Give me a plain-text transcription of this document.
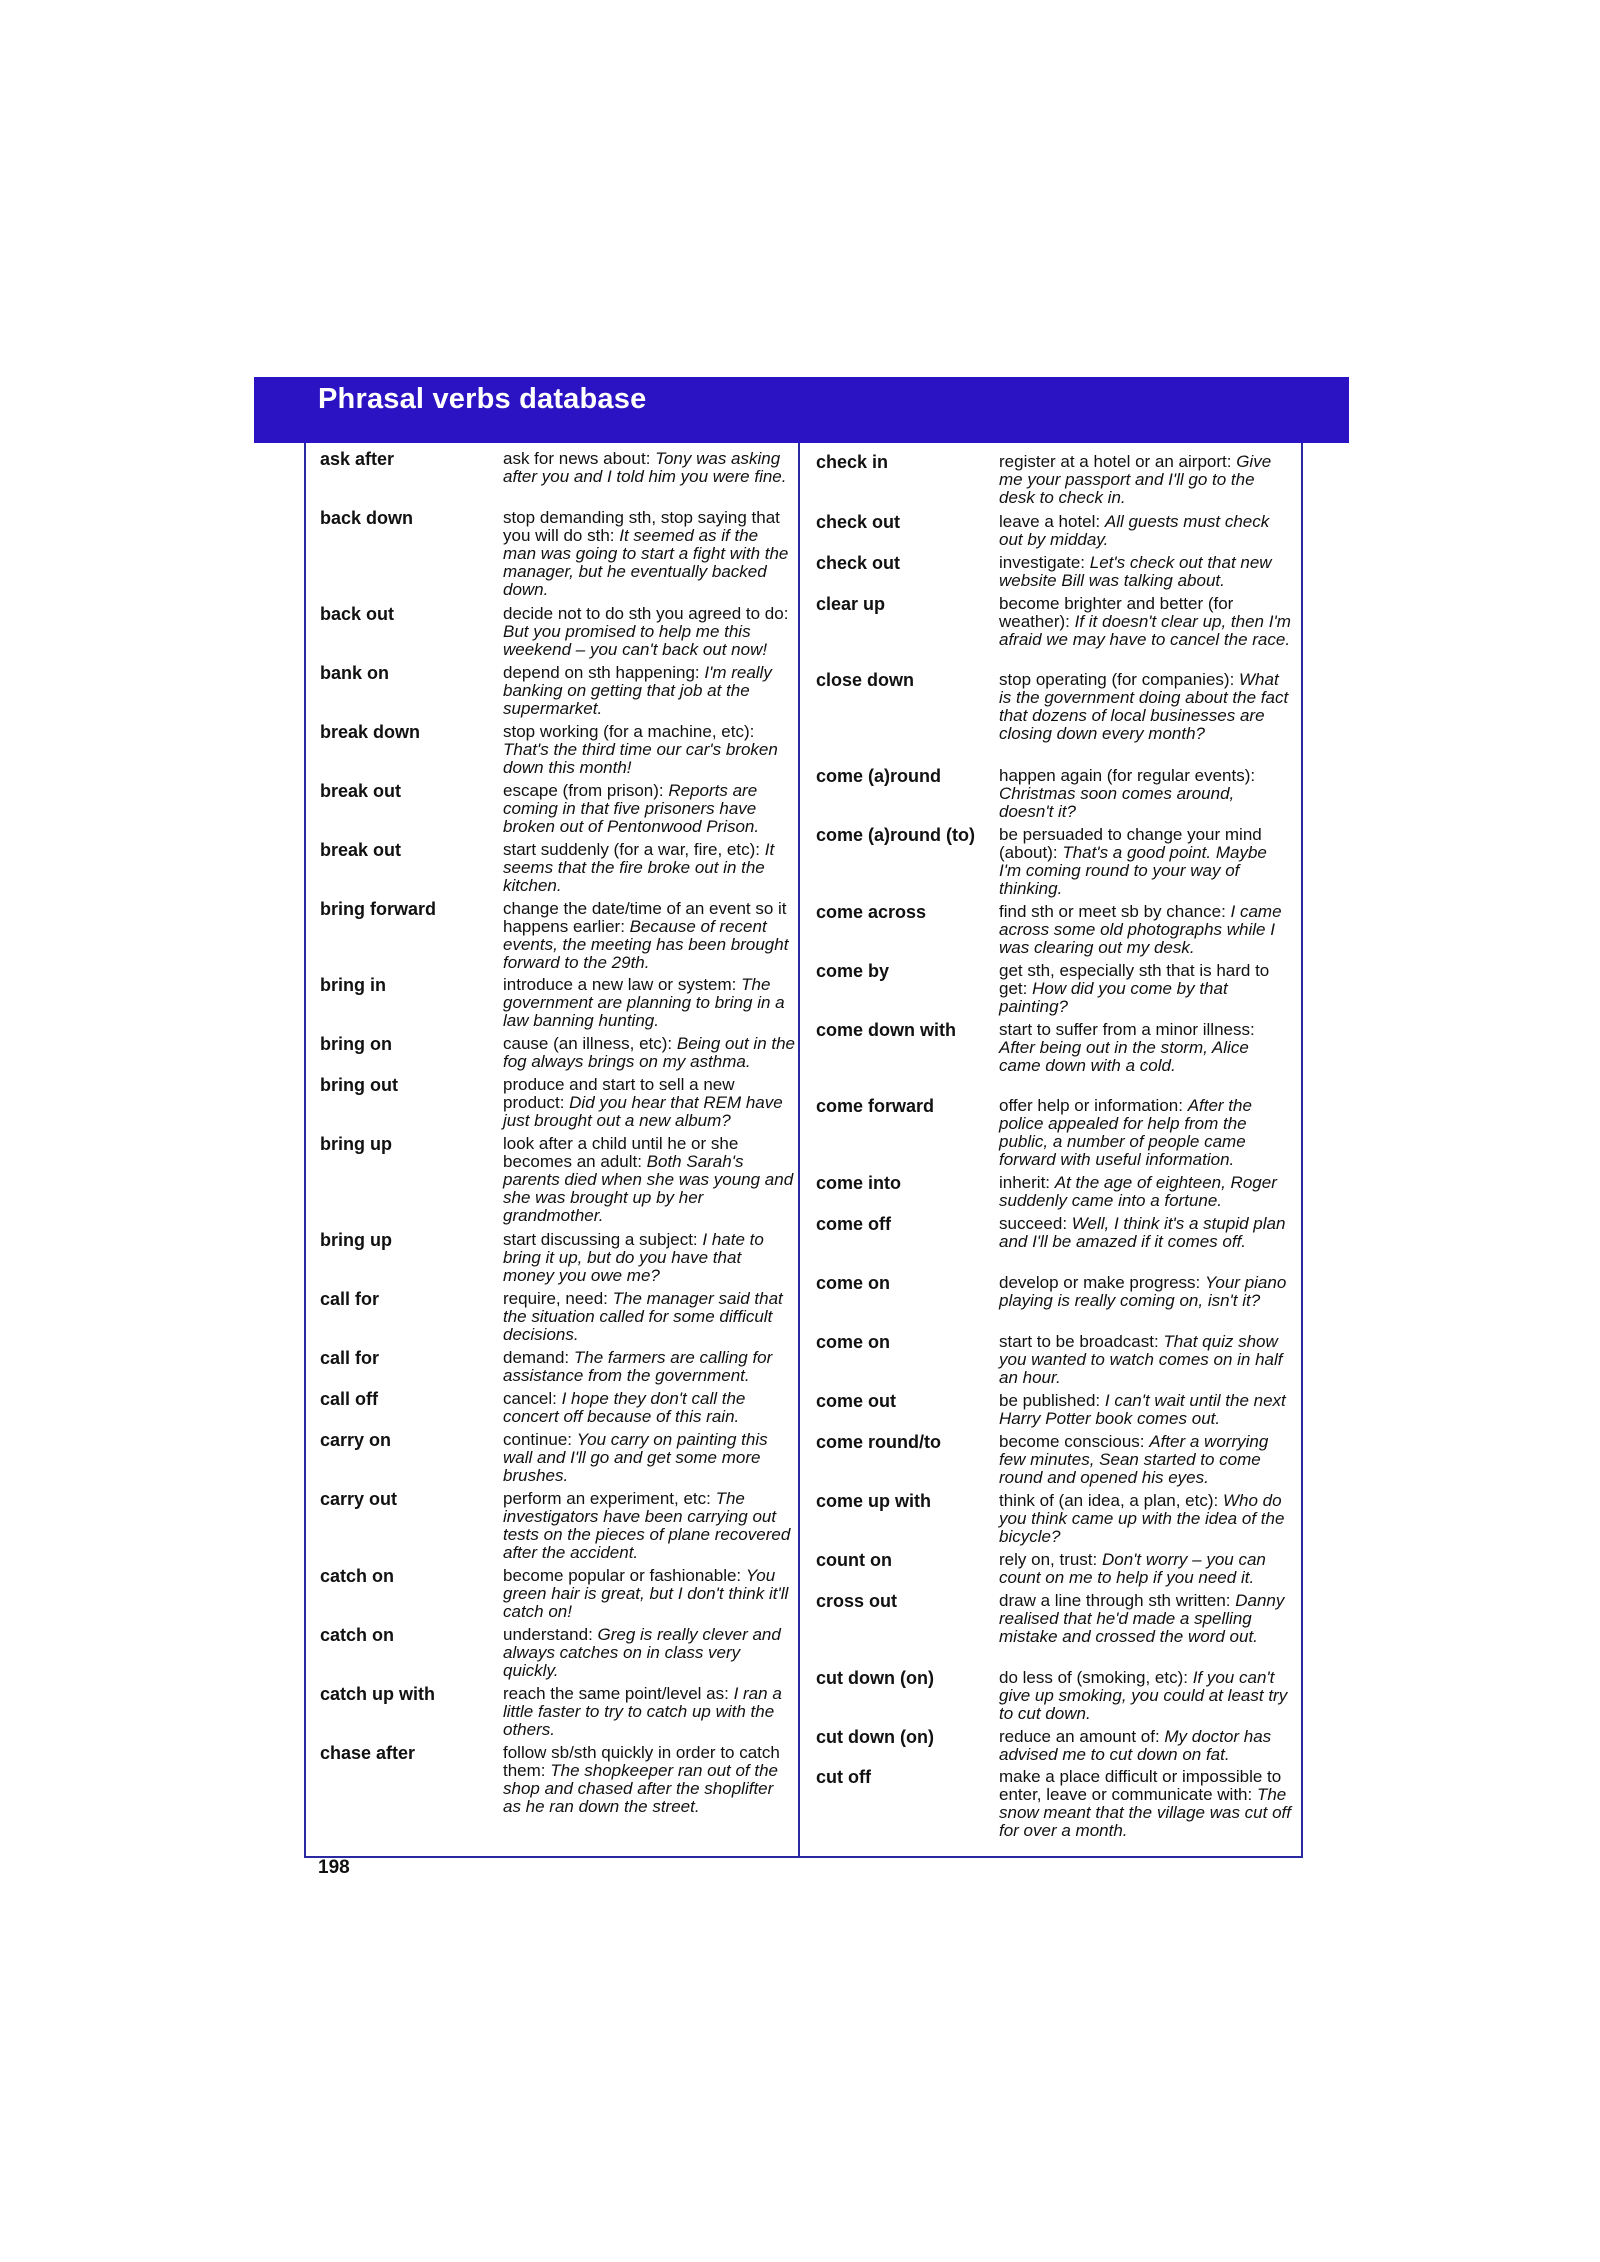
Phrasal verbs database
ask after	ask for news about: Tony was asking after you and I told him you were fine.
back down	stop demanding sth, stop saying that you will do sth: It seemed as if the man was going to start a fight with the manager, but he eventually backed down.
back out	decide not to do sth you agreed to do: But you promised to help me this weekend – you can't back out now!
bank on	depend on sth happening: I'm really banking on getting that job at the supermarket.
break down	stop working (for a machine, etc): That's the third time our car's broken down this month!
break out	escape (from prison): Reports are coming in that five prisoners have broken out of Pentonwood Prison.
break out	start suddenly (for a war, fire, etc): It seems that the fire broke out in the kitchen.
bring forward	change the date/time of an event so it happens earlier: Because of recent events, the meeting has been brought forward to the 29th.
bring in	introduce a new law or system: The government are planning to bring in a law banning hunting.
bring on	cause (an illness, etc): Being out in the fog always brings on my asthma.
bring out	produce and start to sell a new product: Did you hear that REM have just brought out a new album?
bring up	look after a child until he or she becomes an adult: Both Sarah's parents died when she was young and she was brought up by her grandmother.
bring up	start discussing a subject: I hate to bring it up, but do you have that money you owe me?
call for	require, need: The manager said that the situation called for some difficult decisions.
call for	demand: The farmers are calling for assistance from the government.
call off	cancel: I hope they don't call the concert off because of this rain.
carry on	continue: You carry on painting this wall and I'll go and get some more brushes.
carry out	perform an experiment, etc: The investigators have been carrying out tests on the pieces of plane recovered after the accident.
catch on	become popular or fashionable: You green hair is great, but I don't think it'll catch on!
catch on	understand: Greg is really clever and always catches on in class very quickly.
catch up with	reach the same point/level as: I ran a little faster to try to catch up with the others.
chase after	follow sb/sth quickly in order to catch them: The shopkeeper ran out of the shop and chased after the shoplifter as he ran down the street.
check in	register at a hotel or an airport: Give me your passport and I'll go to the desk to check in.
check out	leave a hotel: All guests must check out by midday.
check out	investigate: Let's check out that new website Bill was talking about.
clear up	become brighter and better (for weather): If it doesn't clear up, then I'm afraid we may have to cancel the race.
close down	stop operating (for companies): What is the government doing about the fact that dozens of local businesses are closing down every month?
come (a)round	happen again (for regular events): Christmas soon comes around, doesn't it?
come (a)round (to)	be persuaded to change your mind (about): That's a good point. Maybe I'm coming round to your way of thinking.
come across	find sth or meet sb by chance: I came across some old photographs while I was clearing out my desk.
come by	get sth, especially sth that is hard to get: How did you come by that painting?
come down with	start to suffer from a minor illness: After being out in the storm, Alice came down with a cold.
come forward	offer help or information: After the police appealed for help from the public, a number of people came forward with useful information.
come into	inherit: At the age of eighteen, Roger suddenly came into a fortune.
come off	succeed: Well, I think it's a stupid plan and I'll be amazed if it comes off.
come on	develop or make progress: Your piano playing is really coming on, isn't it?
come on	start to be broadcast: That quiz show you wanted to watch comes on in half an hour.
come out	be published: I can't wait until the next Harry Potter book comes out.
come round/to	become conscious: After a worrying few minutes, Sean started to come round and opened his eyes.
come up with	think of (an idea, a plan, etc): Who do you think came up with the idea of the bicycle?
count on	rely on, trust: Don't worry – you can count on me to help if you need it.
cross out	draw a line through sth written: Danny realised that he'd made a spelling mistake and crossed the word out.
cut down (on)	do less of (smoking, etc): If you can't give up smoking, you could at least try to cut down.
cut down (on)	reduce an amount of: My doctor has advised me to cut down on fat.
cut off	make a place difficult or impossible to enter, leave or communicate with: The snow meant that the village was cut off for over a month.
198
